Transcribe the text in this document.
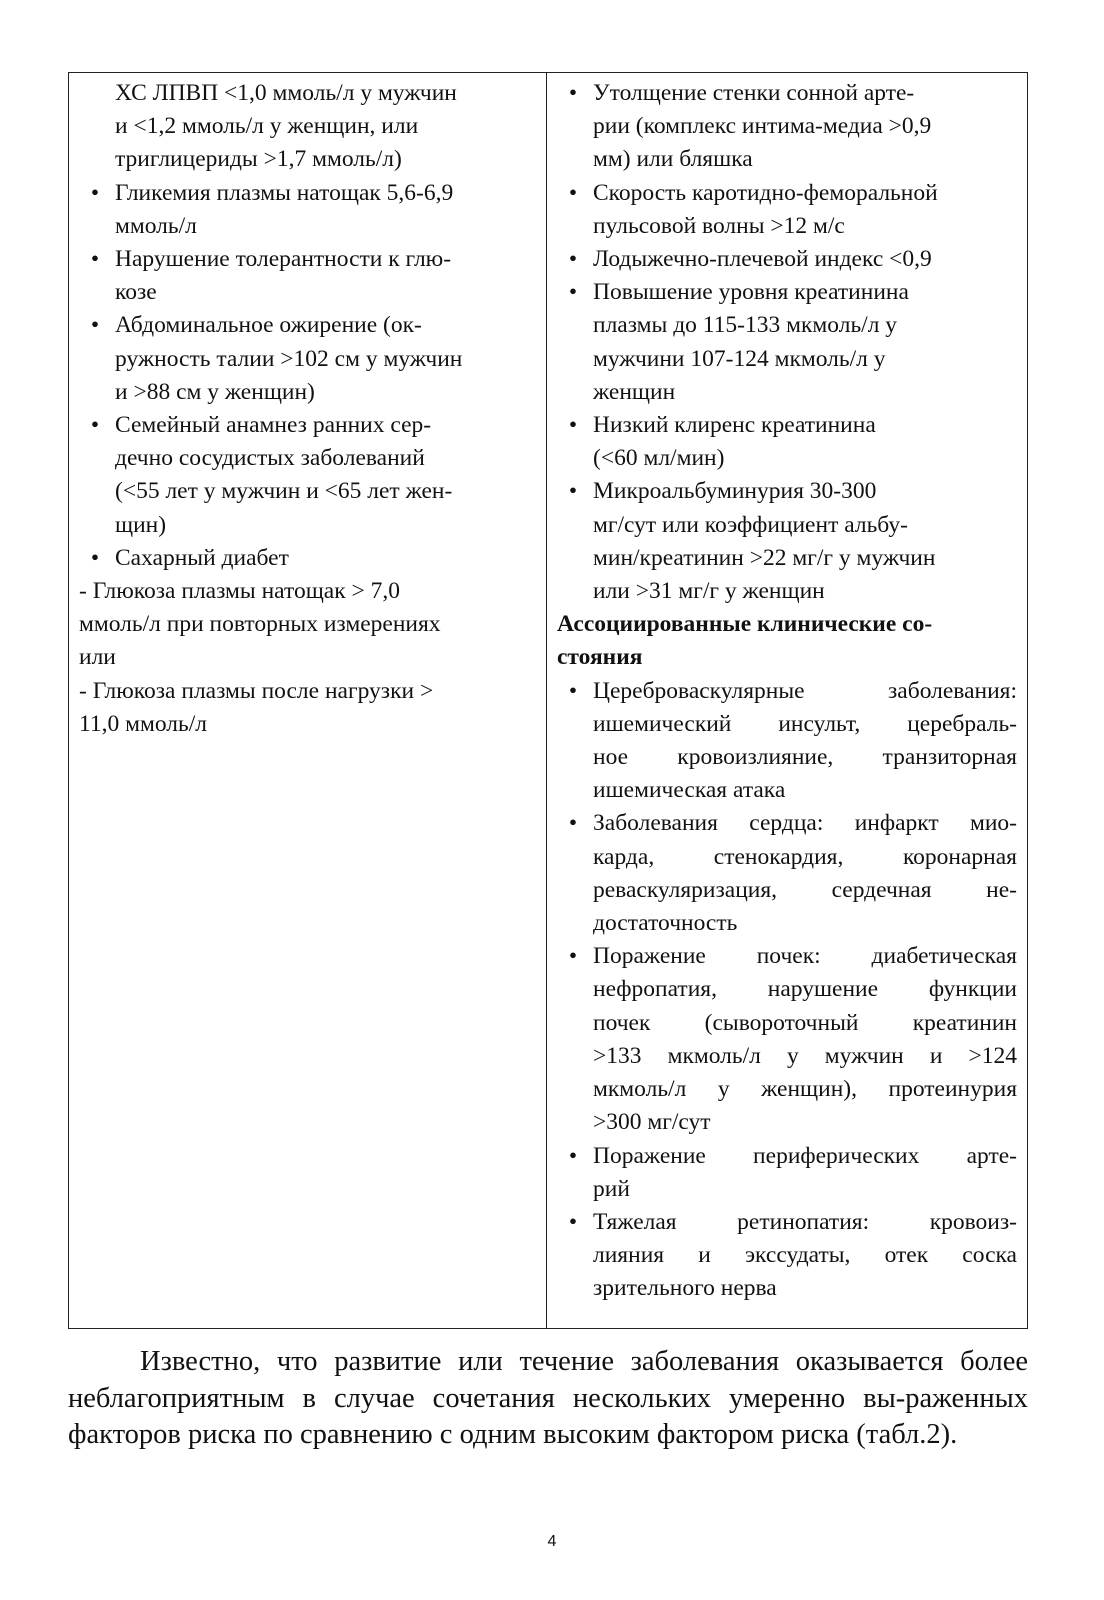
ХС ЛПВП <1,0 ммоль/л у мужчин
и <1,2 ммоль/л у женщин, или
триглицериды >1,7 ммоль/л)
• Гликемия плазмы натощак 5,6-6,9
ммоль/л
• Нарушение толерантности к глю-
козе
• Абдоминальное ожирение (ок-
ружность талии >102 см у мужчин
и >88 см у женщин)
• Семейный анамнез ранних сер-
дечно сосудистых заболеваний
(<55 лет у мужчин и <65 лет жен-
щин)
• Сахарный диабет
- Глюкоза плазмы натощак > 7,0
ммоль/л при повторных измерениях
или
- Глюкоза плазмы после нагрузки >
11,0 ммоль/л
• Утолщение стенки сонной арте-
рии (комплекс интима-медиа >0,9
мм) или бляшка
• Скорость каротидно-феморальной
пульсовой волны >12 м/с
• Лодыжечно-плечевой индекс <0,9
• Повышение уровня креатинина
плазмы до 115-133 мкмоль/л у
мужчини 107-124 мкмоль/л у
женщин
• Низкий клиренс креатинина
(<60 мл/мин)
• Микроальбуминурия 30-300
мг/сут или коэффициент альбу-
мин/креатинин >22 мг/г у мужчин
или >31 мг/г у женщин
Ассоциированные клинические со-
стояния
• Цереброваскулярные заболевания:
ишемический инсульт, церебраль-
ное кровоизлияние, транзиторная
ишемическая атака
• Заболевания сердца: инфаркт мио-
карда, стенокардия, коронарная
реваскуляризация, сердечная не-
достаточность
• Поражение почек: диабетическая
нефропатия, нарушение функции
почек (сывороточный креатинин
>133 мкмоль/л у мужчин и >124
мкмоль/л у женщин), протеинурия
>300 мг/сут
• Поражение периферических арте-
рий
• Тяжелая ретинопатия: кровоиз-
лияния и экссудаты, отек соска
зрительного нерва
Известно, что развитие или течение заболевания оказывается более неблагоприятным в случае сочетания нескольких умеренно вы-раженных факторов риска по сравнению с одним высоким фактором риска (табл.2).
4
